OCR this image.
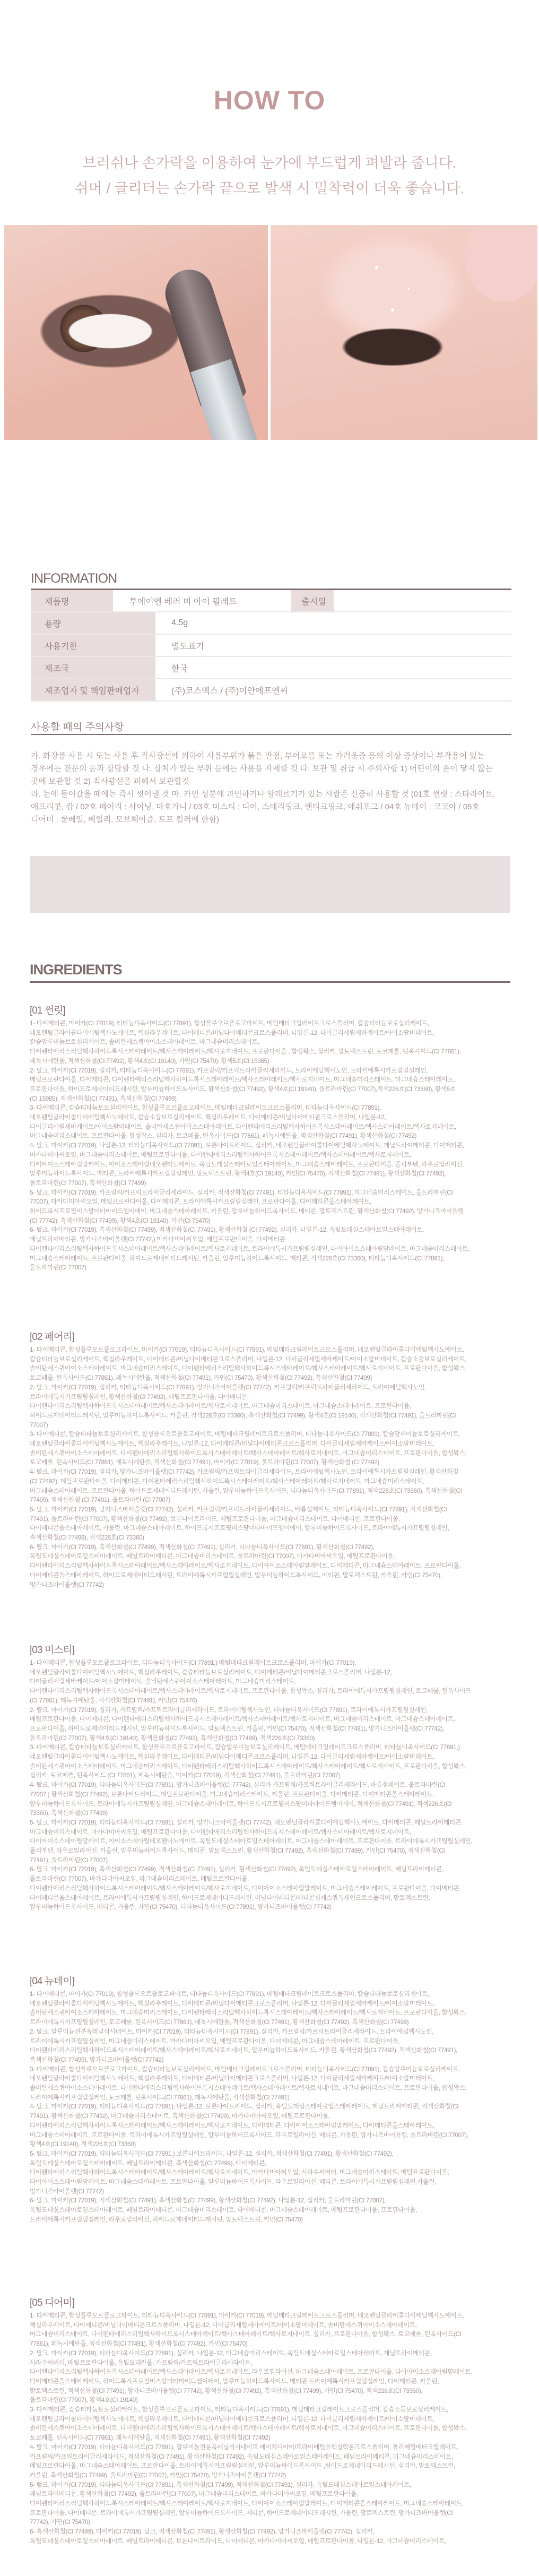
HOW TO
브러쉬나 손가락을 이용하여 눈가에 부드럽게 펴발라 줍니다.
쉬머 / 글리터는 손가락 끝으로 발색 시 밀착력이 더욱 좋습니다.
INFORMATION
제품명	투에이엔 베러 미 아이 팔레트	출시일
용량	4.5g
사용기한	별도표기
제조국	한국
제조업자 및 책임판매업자	(주)코스맥스 / (주)이안에프엔씨
사용할 때의 주의사항
가. 화장품 사용 시 또는 사용 후 직사광선에 의하여 사용부위가 붉은 반점, 부어오름 또는 가려움증 등의 이상 증상이나 부작용이 있는
경우에는 전문의 등과 상담할 것 나. 상처가 있는 부위 등에는 사용을 자제할 것 다. 보관 및 취급 시 주의사항 1) 어린이의 손이 닿지 않는
곳에 보관할 것 2) 직사광선을 피해서 보관할것
라. 눈에 들어갔을 때에는 즉시 씻어낼 것 마. 카민 성분에 과민하거나 알레르기가 있는 사람은 신중히 사용할 것 (01호 썬릿 : 스타라이트,
애프리콧, 캄 / 02호 페어리 : 샤이닝, 마호가니 / 03호 미스티 : 디어, 스테리핑크, 앤티크핑크, 애쉬포그 / 04호 뉴데이 : 코코아 / 05호
디어미 : 쿨베일, 베일리, 모브헤이즐, 토프 컬러에 한함)
INGREDIENTS
[01 썬릿]
1- 다이메티콘, 마이카(CI 77019), 티타늄디옥사이드(CI 77891), 합성플루오르플로고파이트, 메틸메타크릴레이트크로스폴리머, 칼슘티타늄보로실리케이트,
네오펜틸글라이콜다이에틸헥사노에이트, 헥실라우레이트, 다이메티콘/비닐다이메티콘크로스폴리머, 나일론-12, 다이글리세릴세바케이트/아이소팔미테이트,
칼슘알루미늄보로실리케이트, 솔비탄세스퀴아이소스테아레이트, 마그네슘미리스테이트,
다이펜타에리스리틸헥사하이드록시스테아레이트/헥사스테아레이트/헥사로지네이트, 프로판다이올 , 합성왁스, 실리카, 말토덱스트린, 토코페롤, 틴옥사이드(CI 77861),
페녹시에탄올, 적색산화철(CI 77491), 황색4호(CI 19140), 카민(CI 75470), 황색5호(CI 15985)
2- 탈크, 마이카(CI 77019), 실리카, 티타늄디옥사이드(CI 77891), 카프릴릭/카프릭트라이글리세라이드, 트라이에틸헥사노인, 트라이에톡시카프릴릴실레인,
메틸프로판다이올, 다이메티콘, 다이펜타에리스리틸헥사하이드록시스테아레이트/헥사스테아레이트/헥사로지네이트, 마그네슘미리스테이트, 마그네슘스테아레이트,
프로판다이올, 하이드로제네이티드레시틴, 알루미늄하이드록사이드, 황색산화철(CI 77492), 황색4호(CI 19140), 울트라마린(CI 77007),적색226호(CI 73360), 황색5호
(CI 15985), 적색산화철(CI 77491), 흑색산화철(CI 77499)
3- 다이메티콘, 칼슘티타늄보로실리케이트, 합성플루오르플로고파이트, 메틸메타크릴레이트크로스폴리머, 티타늄디옥사이드(CI 77891),
네오펜틸글라이콜다이에틸헥사노에이트, 칼슘소듐보로실리케이트, 헥실라우레이트, 다이메티콘/비닐다이메티콘크로스폴리머, 나일론-12,
다이글리세릴세바케이트/아이소팔미테이트, 솔비탄세스퀴아이소스테아레이트, 다이펜타에리스리틸헥사하이드록시스테아레이트/헥사스테아레이트/헥사로지네이트,
마그네슘미리스테이트, 프로판다이올, 합성왁스, 실리카, 토코페롤, 틴옥사이드(CI 77861), 페녹시에탄올, 적색산화철(CI 77491), 황색산화철(CI 77492)
4- 탈크, 마이카(CI 77019), 나일론-12, 티타늄디옥사이드(CI 77891), 보론나이트라이드, 실리카, 네오펜틸글라이콜다이에틸헥사노에이트, 페닐트라이메티콘, 다이메티콘,
마카다미아씨오일, 마그네슘미리스테이트, 메틸프로판다이올, 다이펜타에리스리틸헥사하이드록시스테아레이트/헥사스테아레이트/헥사로지네이트,
다이아이소스테아릴말레이트, 아이소스테아릴네오펜타노에이트, 옥틸도데실스테아로일스테아레이트, 마그네슘스테아레이트, 프로판다이올, 폴리부텐, 라우로일라이신,
알루미늄하이드록사이드, 메티콘, 트라이에톡시카프릴릴실레인, 말토덱스트린, 황색4호(CI 19140), 카민(CI 75470), 적색산화철(CI 77491), 황색산화철(CI 77492),
울트라마린(CI 77007), 흑색산화철(CI 77499)
5- 탈크, 마이카(CI 77019), 카프릴릭/카프릭트라이글리세라이드, 실리카, 적색산화철(CI 77491), 티타늄디옥사이드(CI 77891), 마그네슘미리스테이트, 울트라마린(CI
77007), 마카다미아씨오일, 메틸프로판다이올, 다이메티콘, 트라이에톡시카프릴릴실레인, 프로판다이올, 다이메티콘올스테아레이트,
하이드록시프로필비스팔미타마이드엠이에이, 마그네슘스테아레이트, 카올린, 알루미늄하이드록사이드, 메티콘, 말토덱스트린, 황색산화철(CI 77492), 망가니즈바이올렛
(CI 77742), 흑색산화철(CI 77499), 황색4호(CI 19140), 카민(CI 75470)
6- 탈크, 마이카(CI 77019), 흑색산화철(CI 77499), 적색산화철(CI 77491), 황색산화철 (CI 77492), 실리카, 나일론-12, 옥틸도데실스테아로일스테아레이트,
페닐트라이메티콘, 망가니즈바이올렛(CI 77742,) 마카다미아씨오일, 메틸프로판다이올, 다이메티콘
다이펜타에리스리틸헥사하이드록시스테아레이트/헥사스테아레이트/헥사로지네이트, 트라이에톡시카프릴릴실레인, 다이아이소스테아릴말레이트, 마그네슘미리스테이트,
마그네슘스테아레이트, 프로판다이올, 하이드로제네이티드레시틴, 카올린, 알루미늄하이드록사이드, 메티콘, 적색226호(CI 73360), 티타늄디옥사이드(CI 77891),
울트라마린(CI 77007)
[02 페어리]
1- 다이메티콘, 합성플루오르플로고파이트, 마이카(CI 77019), 티타늄디옥사이드(CI 77891), 메틸메타크릴레이트크로스폴리머, 네오펜틸글라이콜다이에틸헥사노에이트,
칼슘티타늄보로실리케이트, 헥실라우레이트, 다이메티콘/비닐다이메티콘크로스폴리머, 나일론-12, 다이글리세릴세바케이트/아이소팔미테이트, 칼슘소듐보로실리케이트,
솔비탄세스퀴아이소스테아레이트, 마그네슘미리스테이트, 다이펜타에리스리틸헥사하이드록시스테아레이트/헥사스테아레이트/헥사로지네이트, 프로판다이올, 합성왁스,
토코페롤, 틴옥사이드(CI 77861), 페녹시에탄올, 적색산화철(CI 77491), 카민(CI 75470), 황색산화철(CI 77492), 흑색산화철(CI 77499)
2- 탈크, 마이카(CI 77019), 실리카, 티타늄디옥사이드(CI 77891), 망가니즈바이올렛(CI 77742), 카프릴릭/카프릭트라이글리세라이드, 트라이에틸헥사노인,
트라이에톡시카프릴릴실레인, 황색산화철(CI 77492), 메틸프로판다이올, 다이메티콘,
다이펜타에리스리틸헥사하이드록시스테아레이트/헥사스테아레이트/헥사로지네이트, 마그네슘미리스테이트, 마그네슘스테아레이트, 프로판다이올,
하이드로제네이티드레시틴, 알루미늄하이드록사이드, 카올린, 적색226호(CI 73360), 흑색산화철(CI 77499), 황색4호(CI 19140), 적색산화철(CI 77491), 울트라마린(CI
77007)
3- 다이메티콘, 칼슘티타늄보로실리케이트, 합성플루오르플로고파이트, 메틸메타크릴레이트크로스폴리머, 티타늄디옥사이드(CI 77891), 칼슘알루미늄보로실리케이트,
네오펜틸글라이콜다이에틸헥사노에이트, 헥실라우레이트, 나일론-12, 다이메티콘/비닐다이메티콘크로스폴리머, 다이글리세릴세바케이트/아이소팔미테이트,
솔비탄세스퀴아이소스테아레이트, 다이펜타에리스리틸헥사하이드록시스테아레이트/헥사스테아레이트/헥사로지네이트, 마그네슘미리스테이트, 프로판다이올, 합성왁스,
토코페롤, 틴옥사이드(CI 77861), 페녹시에탄올, 적색산화철(CI 77491), 마이카(CI 77019), 울트라마린(CI 77007), 황색산화철 (CI 77492)
4- 탈크, 마이카(CI 77019), 실리카, 망가니즈바이올렛(CI 77742), 카프릴릭/카프릭트라이글리세라이드, 트라이에틸헥사노인, 트라이에톡시카프릴릴실레인, 황색산화철
(CI 77492), 메틸프로판다이올, 다이메티콘, 다이펜타에리스리틸헥사하이드록시스테아레이트/헥사스테아레이트/헥사로지네이트, 마그네슘미리스테이트,
마그네슘스테아레이트, 프로판다이올, 하이드로제네이티드레시틴, 카올린, 알루미늄하이드록사이드, 티타늄디옥사이드(CI 77891), 적색226호(CI 73360), 흑색산화철(CI
77499), 적색산화철 (CI 77491), 울트라마린 (CI 77007)
5- 탈크, 마이카(CI 77019), 망가니즈바이올렛(CI 77742), 실리카, 카프릴릭/카프릭트라이글리세라이드, 바륨설페이트, 티타늄디옥사이드(CI 77891), 적색산화철(CI
77491), 울트라마린(CI 77007), 황색산화철(CI 77492), 보론나이트라이드, 메틸프로판다이올, 마그네슘미리스테이트, 다이메티콘, 프로판다이올,
다이메티콘올스테아레이트, 카올린, 마그네슘스테아레이트, 하이드록시프로필비스팔미타마이드엠이에이, 알루미늄하이드록사이드, 트라이에톡시카프릴릴실레인,
흑색산화철(CI 77499), 적색226호(CI 73360)
6- 탈크, 마이카(CI 77019), 흑색산화철(CI 77499), 적색산화철(CI 77491), 실리카, 티타늄디옥사이드(CI 77891), 황색산화철(CI 77492),
옥틸도데실스테아로일스테아레이트, 페닐트라이메티콘, 마그네슘미리스테이트, 울트라마린(CI 77007), 마카다미아씨오일, 메틸프로판다이올,
다이펜타에리스리틸헥사하이드록시스테아레이트/헥사스테아레이트/헥사로지네이트, 다이아이소스테아릴말레이트, 다이메티콘, 마그네슘스테아레이트, 프로판다이올,
다이메티콘올스테아레이트, 하이드로제네이티드레시틴, 트라이에톡시카프릴릴실레인, 알루미늄하이드록사이드, 메티콘, 말토덱스트린, 카올린, 카민(CI 75470),
망가니즈바이올렛(CI 77742)
[03 미스티]
1- 다이메티콘, 합성플루오르플로고파이트, 티타늄디옥사이드(CI 77891,) 메틸메타크릴레이트크로스폴리머, 마이카(CI 77019),
네오펜틸글라이콜다이에틸헥사노에이트, 헥실라우레이트, 칼슘티타늄보로실리케이트, 다이메티콘/비닐다이메티콘크로스폴리머, 나일론-12,
다이글리세릴세바케이트/아이소팔미테이트, 솔비탄세스퀴아이소스테아레이트, 마그네슘미리스테이트,
다이펜타에리스리틸헥사하이드록시스테아레이트/헥사스테아레이트/헥사로지네이트, 프로판다이올, 합성왁스, 실리카, 트라이에톡시카프릴릴실레인, 토코페롤, 틴옥사이드
(CI 77861), 페녹시에탄올, 적색산화철(CI 77491), 카민(CI 75470)
2- 탈크, 마이카(CI 77019), 실리카, 카프릴릭/카프릭트라이글리세라이드, 트라이에틸헥사노인, 티타늄디옥사이드(CI 77891), 트라이에톡시카프릴릴실레인,
메틸프로판다이올, 다이메티콘, 다이펜타에리스리틸헥사하이드록시스테아레이트/헥사스테아레이트/헥사로지네이트, 마그네슘미리스테이트, 마그네슘스테아레이트,
프로판다이올, 하이드로제네이티드레시틴, 알루미늄하이드록사이드, 말토덱스트린, 카올린, 카민(CI 75470), 적색산화철(CI 77491), 망가니즈바이올렛(CI 77742),
울트라마린(CI 77007), 황색4호(CI 19140), 황색산화철(CI 77492), 흑색산화철(CI 77499), 적색226호(CI 73360)
3- 다이메티콘, 칼슘티타늄보로실리케이트, 합성플루오르플로고파이트, 칼슘알루미늄보로실리케이트, 메틸메타크릴레이트크로스폴리머, 티타늄디옥사이드(CI 77891,)
네오펜틸글라이콜다이에틸헥사노에이트, 헥실라우레이트, 다이메티콘/비닐다이메티콘크로스폴리머, 나일론-12, 다이글리세릴세바케이트/아이소팔미테이트,
솔비탄세스퀴아이소스테아레이트, 마그네슘미리스테이트, 다이펜타에리스리틸헥사하이드록시스테아레이트/헥사스테아레이트/헥사로지네이트, 프로판다이올, 합성왁스,
실리카, 토코페롤, 틴옥사이드 (CI 77861), 페녹시에탄올, 마이카(CI 77019), 적색산화철(CI 77491), 울트라마린(CI 77007)
4- 탈크, 마이카(CI 77019), 티타늄디옥사이드(CI 77891), 망가니즈바이올렛(CI 77742), 실리카 카프릴릭/카프릭트라이글리세라이드, 바륨설페이트, 울트라마린(CI
77007,) 황색산화철(CI 77492), 보론나이트라이드, 메틸프로판다이올, 마그네슘미리스테이트, 카올린, 프로판다이올, 다이메티콘, 다이메티콘올스테아레이트,
알루미늄하이드록사이드, 트라이에톡시카프릴릴실레인, 마그네슘스테아레이트, 하이드록시프로필비스팔미타마이드엠이에이, 적색산화철(CI 77491), 적색226호(CI
73360), 흑색산화철(CI 77499)
5- 탈크, 마이카(CI 77019), 티타늄디옥사이드(CI 77891), 실리카, 망가니즈바이올렛(CI 77742), 네오펜틸글라이콜다이에틸헥사노에이트, 다이메티콘, 페닐트라이메티콘,
마그네슘미리스테이트, 마카다미아씨오일, 메틸프로판다이올, 다이펜타에리스리틸헥사하이드록시스테아레이트/헥사스테아레이트/헥사로지네이트,
다이아이소스테아릴말레이트, 아이소스테아릴네오펜타노에이트, 옥틸도데실스테아로일스테아레이트, 마그네슘스테아레이트, 프로판다이올, 트라이에톡시카프릴릴실레인,
폴리부텐, 라우로일라이신, 카올린, 알루미늄하이드록사이드, 메티콘, 말토덱스트린, 황색산화철(CI 77492), 흑색산화철(CI 77499), 카민(CI 75470), 적색산화철(CI
77491), 울트라마린(CI 77007)
6- 탈크, 마이카(CI 77019), 흑색산화철(CI 77499), 적색산화철(CI 77491), 실리카, 황색산화철(CI 77492), 옥틸도데실스테아로일스테아레이트, 페닐트라이메티콘,
울트라마린(CI 77007), 마카다미아씨오일, 마그네슘미리스테이트, 메틸프로판다이올,
다이펜타에리스리틸헥사하이드록시스테아레이트/헥사스테아레이트/헥사로지네이트, 다이아이소스테아릴말레이트, 마그네슘스테아레이트, 프로판다이올, 다이메티콘,
다이메티콘올스테아레이트, 트라이에톡시카프릴릴실레인, 하이드로제네이티드레시틴, 비닐다이메티콘/메티콘실세스퀴옥세인크로스폴리머, 말토덱스트린,
알루미늄하이드록사이드, 메티콘, 카올린, 카민(CI 75470), 티타늄디옥사이드(CI 77891), 망가니즈바이올렛(CI 77742)
[04 뉴데이]
1- 다이메티콘, 마이카(CI 77019), 합성플루오르플로고파이트, 티타늄디옥사이드(CI 77891), 메틸메타크릴레이트크로스폴리머, 칼슘티타늄보로실리케이트,
네오펜틸글라이콜다이에틸헥사노에이트, 헥실라우레이트, 다이메티콘/비닐다이메티콘크로스폴리머, 나일론-12, 다이글리세릴세바케이트/아이소팔미테이트,
솔비탄세스퀴아이소스테아레이트, 마그네슘미리스테이트, 다이펜타에리스리틸헥사하이드록시스테아레이트/헥사스테아레이트/헥사로지네이트, 프로판다이올, 합성왁스,
트라이에톡시카프릴릴실레인, 토코페롤, 틴옥사이드(CI 77861), 페녹시에탄올, 적색산화철(CI 77491), 황색산화철(CI 77492), 흑색산화철(CI 77499)
2- 탈크, 알루미늄전분옥테닐석시네이트, 마이카(CI 77019), 티타늄디옥사이드(CI 77891), 실리카, 카프릴릭/카프릭트라이글리세라이드, 트라이에틸헥사노인,
트라이에톡시카프릴릴실레인, 마그네슘미리스테이트, 마카다미아씨오일, 메틸프로판다이올, 다이메티콘, 마그네슘스테아레이트, 프로판다이올,
다이펜타에리스리틸헥사하이드록시스테아레이트/헥사스테아레이트/헥사로지네이트, 알루미늄하이드록사이드, 카올린, 황색산화철(CI 77492), 적색산화철(CI 77491),
흑색산화철(CI 77499), 망가니즈바이올렛(CI 77742)
3- 다이메티콘, 합성플루오르플로고파이트, 칼슘티타늄보로실리케이트, 메틸메타크릴레이트크로스폴리머, 티타늄디옥사이드(CI 77891), 칼슘알루미늄보로실리케이트,
네오펜틸글라이콜다이에틸헥사노에이트, 헥실라우레이트, 다이메티콘/비닐다이메티콘크로스폴리머, 나일론-12, 다이글리세릴세바케이트/아이소팔미테이트,
솔비탄세스퀴아이소스테아레이트, 다이펜타에리스리틸헥사하이드록시스테아레이트/헥사스테아레이트/헥사로지네이트, 마그네슘미리스테이트, 프로판다이올, 합성왁스,
트라이에톡시카프릴릴실레인, 토코페롤, 틴옥사이드(CI 77861), 페녹시에탄올, 적색산화철(CI 77491)
4- 탈크, 마이카(CI 77019), 티타늄디옥사이드(CI 77891), 나일론-12, 보론나이트라이드, 실리카, 옥틸도데실스테아로일스테아레이트, 페닐트라이메티콘, 적색산화철(CI
77491), 황색산화철(CI 77492), 마그네슘미리스테이트, 흑색산화철(CI 77499), 마카다미아씨오일, 메틸프로판다이올,
다이펜타에리스리틸헥사하이드록시스테아레이트/헥사스테아레이트/헥사로지네이트, 다이메티콘, 다이아이소스테아릴말레이트, 다이메티콘올스테아레이트,
마그네슘스테아레이트, 프로판다이올, 트라이에톡시카프릴릴실레인, 알루미늄하이드록사이드, 라우로일라이신, 메티콘, 카올린, 망가니즈바이올렛, 울트라마린(CI 77007),
황색4호(CI 19140), 적색226호(CI 73360)
5- 탈크, 마이카(CI 77019), 티타늄디옥사이드(CI 77891,) 보론나이트라이드, 나일론-12, 실리카, 적색산화철(CI 77491), 황색산화철(CI 77492),
옥틸도데실스테아로일스테아레이트, 페닐트라이메티콘, 흑색산화철(CI 77499), 다이메티콘,
다이펜타에리스리틸헥사하이드록시스테아레이트/헥사스테아레이트/헥사로지네이트, 마카다미아씨오일, 사라수씨버터, 마그네슘미리스테이트, 메틸프로판다이올,
다이아이소스테아릴말레이트, 마그네슘스테아레이트, 프로판다이올, 알루미늄하이드록사이드, 라우로일라이신, 메티콘, 트라이에톡시카프릴릴실레인 카올린,
망가니즈바이올렛(CI 77742)
6- 탈크, 마이카(CI 77019), 적색산화철(CI 77491), 흑색산화철(CI 77499), 황색산화철(CI 77492), 나일론-12, 실리카, 울트라마린(CI 77007),
옥틸도데실스테아로일스테아레이트, 페닐트라이메티콘, 마그네슘미리스테이트, 다이메티콘, 마그네슘스테아레이트, 메틸프로판다이올, 프로판다이올,
트라이에톡시카프릴릴실레인, 라우로일라이신, 하이드로제네이티드레시틴, 말토덱스트린, 카민(CI 75470)
[05 디어미]
1- 다이메티콘, 합성플루오르플로고파이트, 티타늄디옥사이드(CI 77891), 마이카(CI 77019), 메틸메타크릴레이트크로스폴리머, 네오펜틸글라이콜다이에틸헥사노에이트,
헥실라우레이트, 다이메티콘/비닐다이메티콘크로스폴리머, 나일론-12, 다이글리세릴세바케이트/아이소팔미테이트, 솔비탄세스퀴아이소스테아레이트,
마그네슘미리스테이트, 다이펜타에리스리틸헥사하이드록시스테아레이트/헥사스테아레이트/헥사로지네이트, 실리카, 프로판다이올, 합성왁스, 토코페롤, 틴옥사이드(CI
77861), 페녹시에탄올, 적색산화철(CI 77491), 황색산화철(CI 77492), 카민(CI 75470)
2- 탈크, 마이카(CI 77019), 티타늄디옥사이드(CI 77891), 실리카, 나일론-12, 마그네슘미리스테이트, 옥틸도데실스테아로일스테아레이트, 페닐트라이메티콘,
사라수씨버터, 메틸프로판다이올, 옥틸도데칸올, 카프릴릭/카프릭트라이글리세라이드,
다이펜타에리스리틸헥사하이드록시스테아레이트/헥사스테아레이트/헥사로지네이트, 라우로일라이신, 마그네슘스테아레이트, 프로판다이올, 다이아이소스테아릴말레이트,
다이메티콘올스테아레이트, 하이드록시프로필비스팔미타마이드엠이에이, 알루미늄하이드록사이드, 메티콘 트라이에톡시카프릴릴실레인, 다이메티콘, 카올린,
말토덱스트린, 적색산화철(CI 77491), 망가니즈바이올렛(CI 77742), 황색산화철(CI 77492), 흑색산화철(CI 77499), 카민(CI 75470), 적색226호(CI 73360),
울트라마린(CI 77007), 황색4호(CI 19140)
3- 다이메티콘, 칼슘티타늄보로실리케이트, 합성플루오르플로고파이트, 티타늄디옥사이드(CI 77891), 메틸메타크릴레이트크로스폴리머, 칼슘소듐보로실리케이트,
네오펜틸글라이콜다이에틸헥사노에이트, 헥실라우레이트, 다이메티콘/비닐다이메티콘크로스폴리머, 나일론-12, 다이글리세릴세바케이트/아이소팔미테이트,
솔비탄세스퀴아이소스테아레이트, 다이펜타에리스리틸헥사하이드록시스테아레이트/헥사스테아레이트/헥사로지네이트, 마그네슘미리스테이트, 프로판다이올, 합성왁스,
토코페롤, 틴옥사이드(CI 77861), 페녹시에탄올, 적색산화철(CI 77491), 황색산화철(CI 77492)
4- 탈크, 마이카(CI 77019), 티타늄디옥사이드(CI 77891), 알루미늄전분옥테닐석시네이트 에이치디아이/트라이메틸올헥실락톤크로스폴리머, 폴리메틸메타크릴레이트,
카프릴릭/카프릭트라이글리세라이드, 적색산화철(CI 77491), 황색산화철(CI 77492), 옥틸도데실스테아로일스테아레이트, 페닐트라이메티콘, 마그네슘미리스테이트,
메틸프로판다이올, 마그네슘스테아레이트, 프로판다이올, 트라이에톡시카프릴릴실레인, 알루미늄하이드록사이드 ,하이드로제네이티드레시틴, 실리카, 말토덱스트린,
카올린, 흑색산화철(CI 77499), 울트라마린(CI 77007), 카민(CI 75470), 망가니즈바이올렛(CI 77742)
5- 탈크, 마이카(CI 77019), 티타늄디옥사이드(CI 77891), 흑색산화철(CI 77499), 적색산화철(CI 77491), 실리카, 옥틸도데실스테아로일스테아레이트,
페닐트라이메티콘, 황색산화철(CI 77492), 울트라마린(CI 77007), 마그네슘미리스테이트, 마카다미아씨오일, 메틸프로판다이올,
다이펜타에리스리틸헥사하이드록시스테아레이트/헥사스테아레이트/헥사로지네이트, 다이아이소스테아릴말레이트, 다이메티콘올스테아레이트, 마그네슘스테아레이트,
프로판다이올, 다이메티콘, 트라이에톡시카프릴릴실레인, 알루미늄하이드록사이드, 메티콘, 하이드로제네이티드레시틴, 카올린, 말토덱스트린, 망가니즈바이올렛(CI
77742), 카민(CI 75470)
6- 흑색산화철(CI 77499), 마이카(CI 77019), 탈크, 적색산화철(CI 77491), 황색산화철(CI 77492), 망가니즈바이올렛(CI 77742), 실리카,
옥틸도데실스테아로일스테아레이트, 페닐트라이메티콘, 보론나이트라이드, 다이메티콘, 마카다미아씨오일, 메틸프로판다이올, 나일론-12, 마그네슘미리스테이트,
